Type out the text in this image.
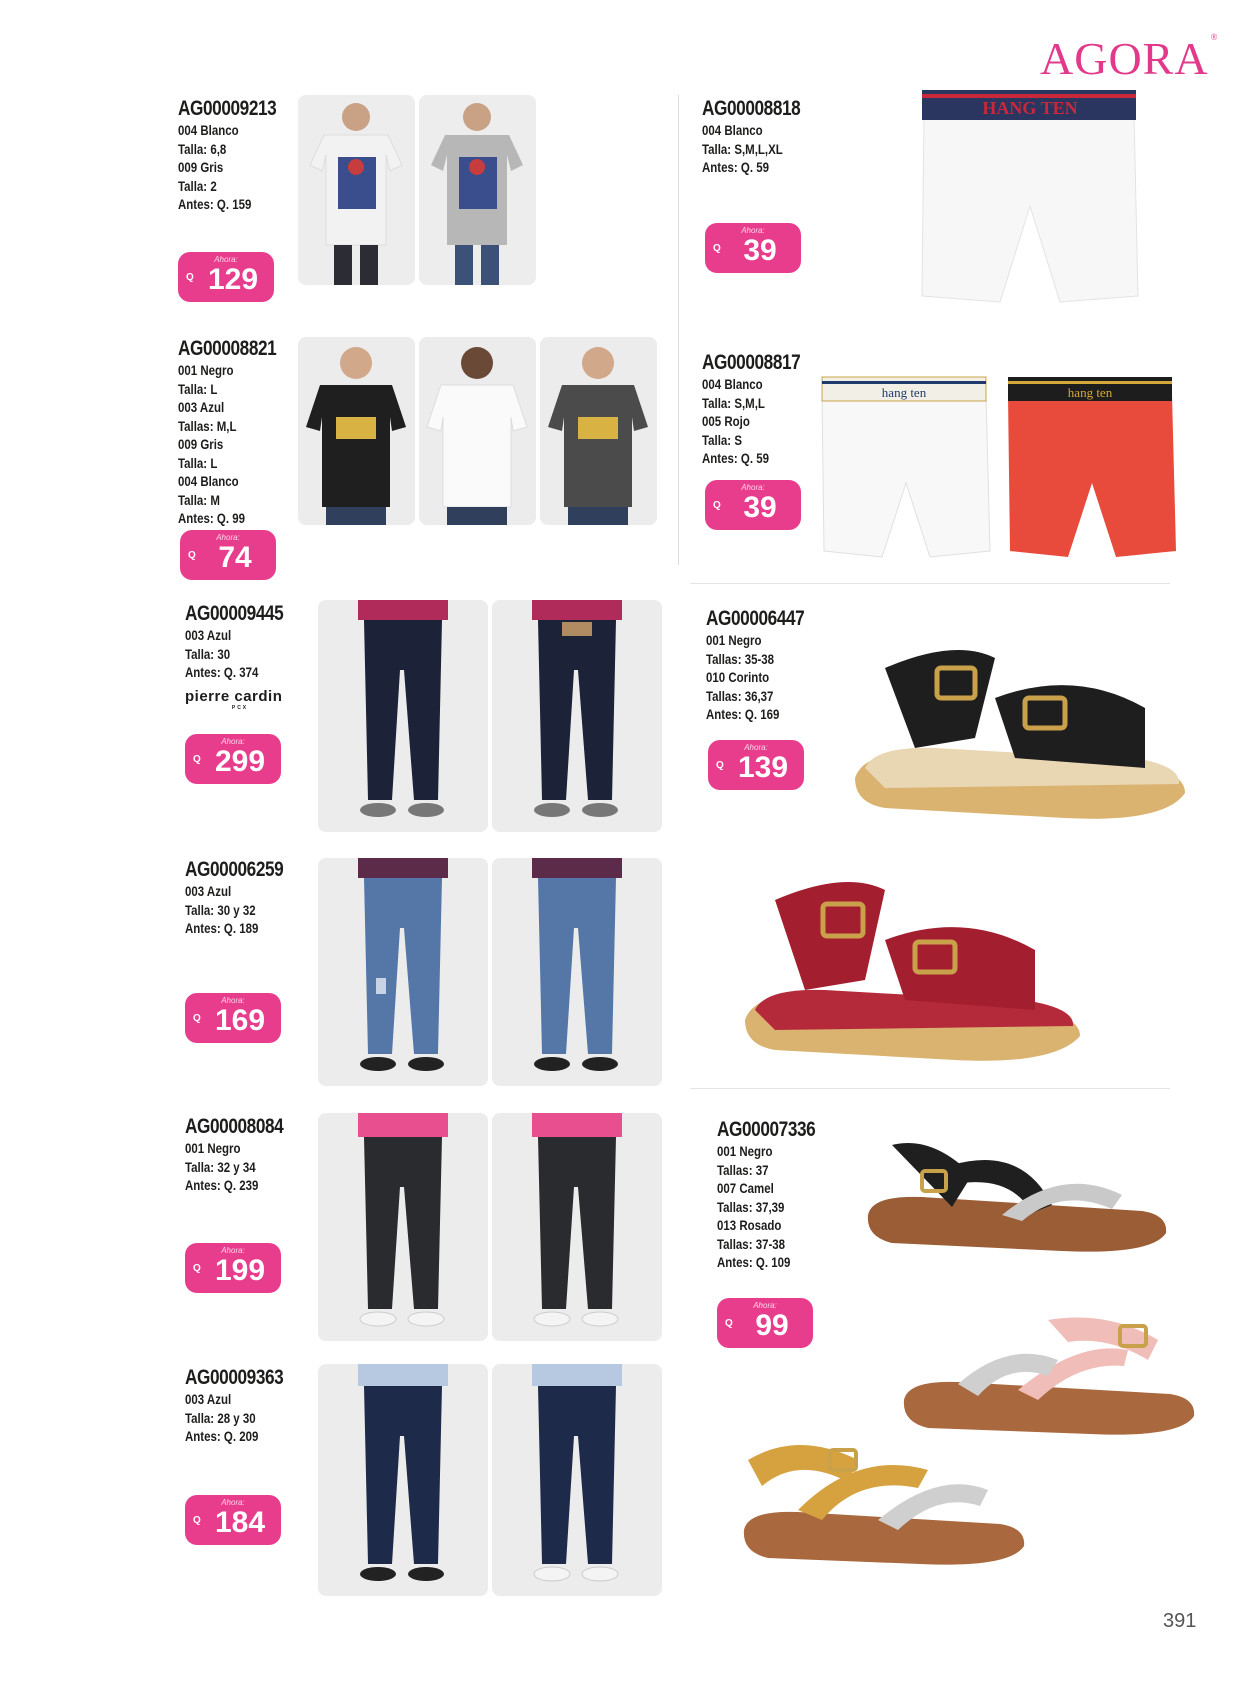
AGORA ®
AG00009213
004 Blanco
Talla: 6,8
009 Gris
Talla: 2
Antes: Q. 159
Ahora:
Q 129
AG00008821
001 Negro
Talla: L
003 Azul
Tallas: M,L
009 Gris
Talla: L
004 Blanco
Talla: M
Antes: Q. 99
Ahora:
Q 74
AG00009445
003 Azul
Talla: 30
Antes: Q. 374
pierre cardin
PCX
Ahora:
Q 299
AG00006259
003 Azul
Talla: 30 y 32
Antes: Q. 189
Ahora:
Q 169
AG00008084
001 Negro
Talla: 32 y 34
Antes: Q. 239
Ahora:
Q 199
AG00009363
003 Azul
Talla: 28 y 30
Antes: Q. 209
Ahora:
Q 184
AG00008818
004 Blanco
Talla: S,M,L,XL
Antes: Q. 59
Ahora:
Q 39
HANG TEN
AG00008817
004 Blanco
Talla: S,M,L
005 Rojo
Talla: S
Antes: Q. 59
Ahora:
Q 39
hang ten	hang ten
AG00006447
001 Negro
Tallas: 35-38
010 Corinto
Tallas: 36,37
Antes: Q. 169
Ahora:
Q 139
AG00007336
001 Negro
Tallas: 37
007 Camel
Tallas: 37,39
013 Rosado
Tallas: 37-38
Antes: Q. 109
Ahora:
Q 99
391
